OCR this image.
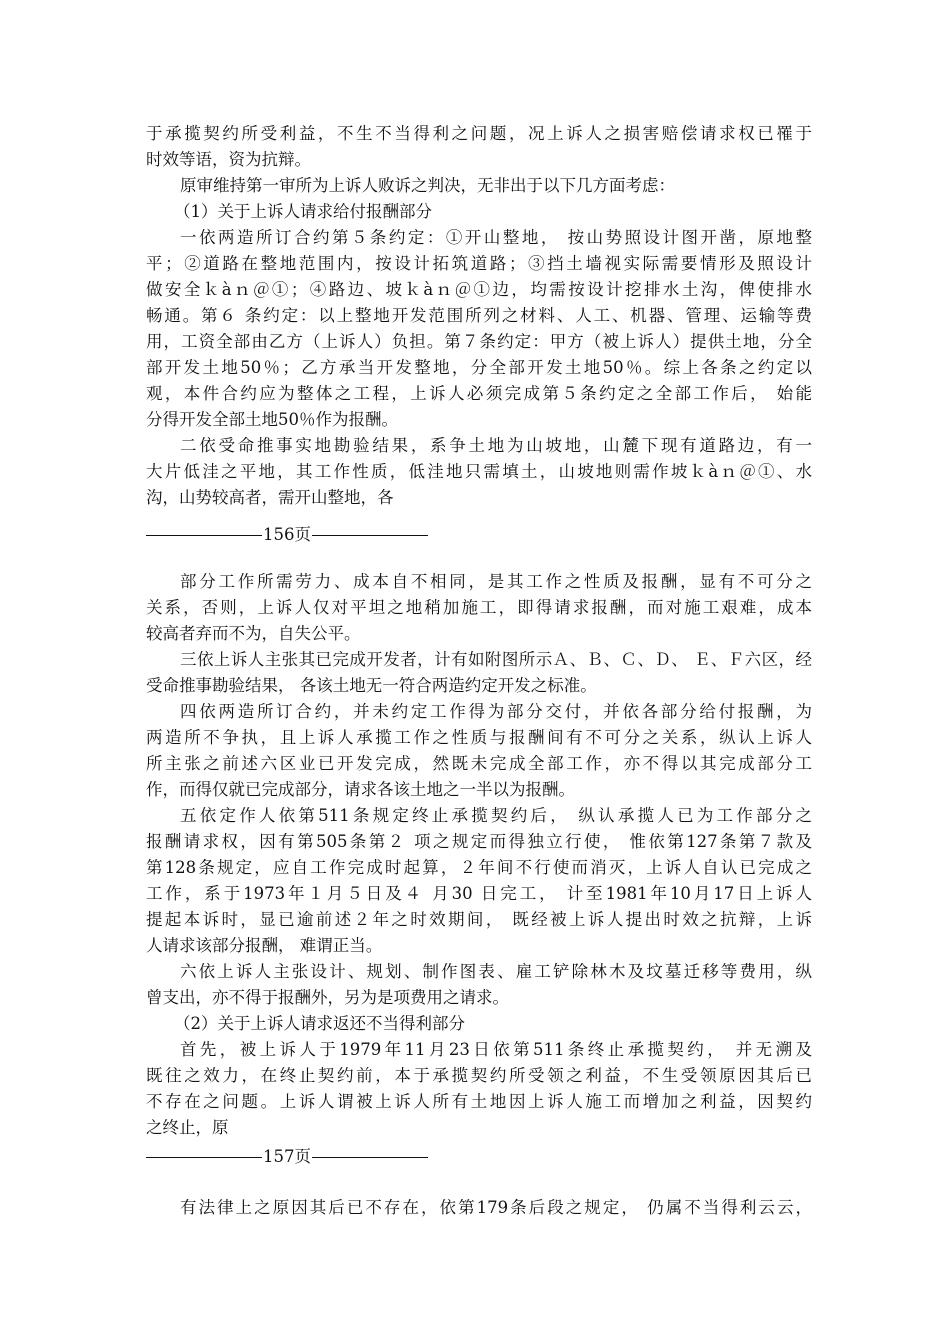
于承揽契约所受利益，不生不当得利之问题，况上诉人之损害赔偿请求权已罹于
时效等语，资为抗辩。
原审维持第一审所为上诉人败诉之判决，无非出于以下几方面考虑：
（1）关于上诉人请求给付报酬部分
一依两造所订合约第５条约定：①开山整地， 按山势照设计图开凿，原地整
平；②道路在整地范围内，按设计拓筑道路；③挡土墙视实际需要情形及照设计
做安全ｋàｎ＠①；④路边、坡ｋàｎ＠①边，均需按设计挖排水土沟，俾使排水
畅通。第６ 条约定：以上整地开发范围所列之材料、人工、机器、管理、运输等费
用，工资全部由乙方（上诉人）负担。第７条约定：甲方（被上诉人）提供土地，分全
部开发土地50％；乙方承当开发整地，分全部开发土地50％。综上各条之约定以
观，本件合约应为整体之工程，上诉人必须完成第５条约定之全部工作后， 始能
分得开发全部土地50％作为报酬。
二依受命推事实地勘验结果，系争土地为山坡地，山麓下现有道路边，有一
大片低洼之平地，其工作性质，低洼地只需填土，山坡地则需作坡ｋàｎ＠①、水
沟，山势较高者，需开山整地，各
156页
部分工作所需劳力、成本自不相同，是其工作之性质及报酬，显有不可分之
关系，否则，上诉人仅对平坦之地稍加施工，即得请求报酬，而对施工艰难，成本
较高者弃而不为，自失公平。
三依上诉人主张其已完成开发者，计有如附图所示Ａ、Ｂ、Ｃ、Ｄ、 Ｅ、Ｆ六区，经
受命推事勘验结果， 各该土地无一符合两造约定开发之标准。
四依两造所订合约，并未约定工作得为部分交付，并依各部分给付报酬，为
两造所不争执，且上诉人承揽工作之性质与报酬间有不可分之关系，纵认上诉人
所主张之前述六区业已开发完成，然既未完成全部工作，亦不得以其完成部分工
作，而得仅就已完成部分，请求各该土地之一半以为报酬。
五依定作人依第511条规定终止承揽契约后， 纵认承揽人已为工作部分之
报酬请求权，因有第505条第２ 项之规定而得独立行使， 惟依第127条第７款及
第128条规定，应自工作完成时起算，２年间不行使而消灭，上诉人自认已完成之
工作，系于1973年１月５日及４ 月30 日完工， 计至1981年10月17日上诉人
提起本诉时，显已逾前述２年之时效期间， 既经被上诉人提出时效之抗辩，上诉
人请求该部分报酬， 难谓正当。
六依上诉人主张设计、规划、制作图表、雇工铲除林木及坟墓迁移等费用，纵
曾支出，亦不得于报酬外，另为是项费用之请求。
（2）关于上诉人请求返还不当得利部分
首先，被上诉人于1979年11月23日依第511条终止承揽契约， 并无溯及
既往之效力，在终止契约前，本于承揽契约所受领之利益，不生受领原因其后已
不存在之问题。上诉人谓被上诉人所有土地因上诉人施工而增加之利益，因契约
之终止，原
157页
有法律上之原因其后已不存在，依第179条后段之规定， 仍属不当得利云云，
